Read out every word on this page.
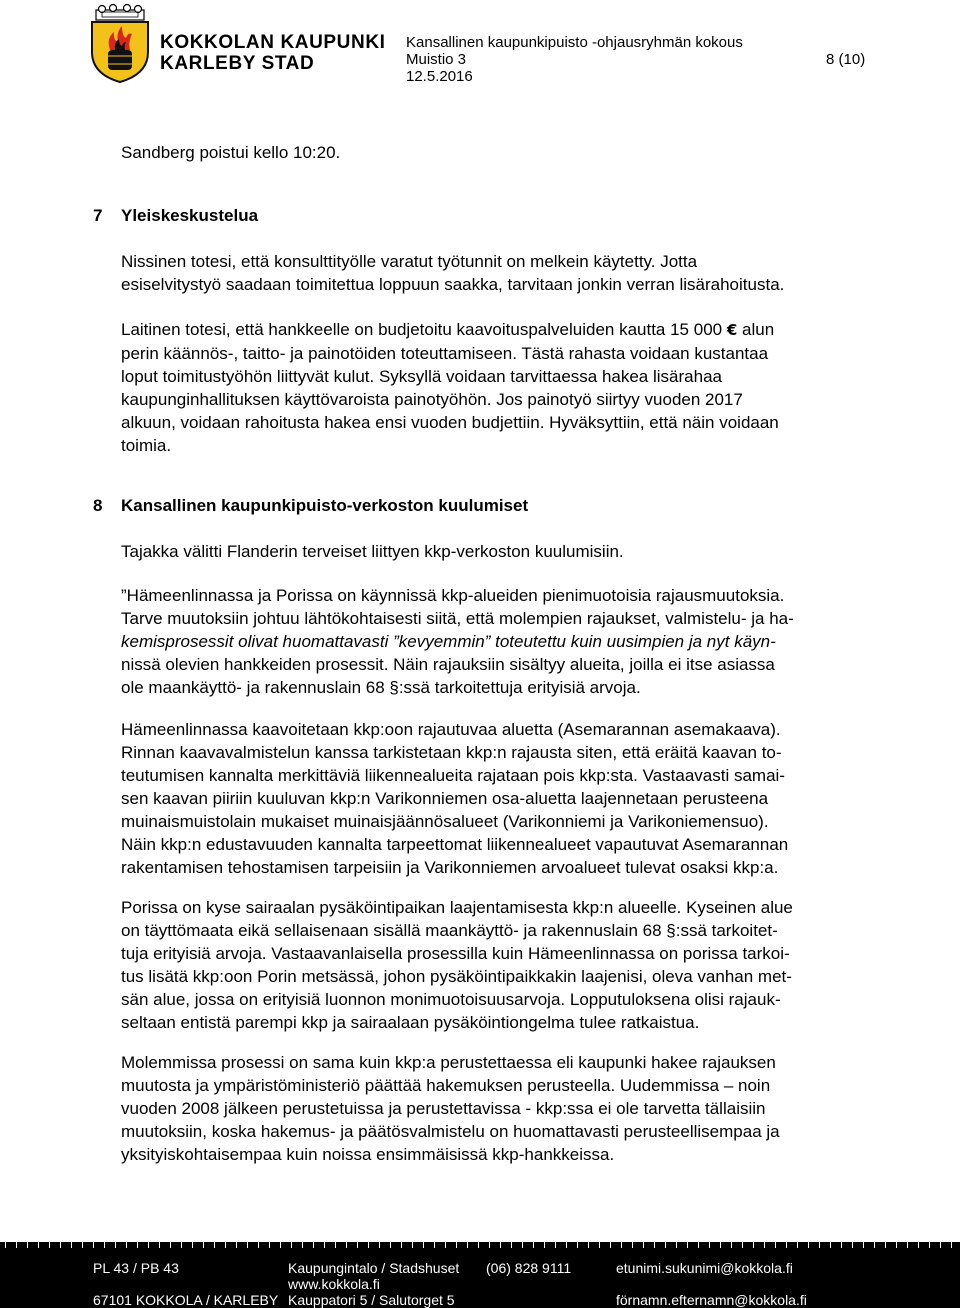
KOKKOLAN KAUPUNKI
KARLEBY STAD
Kansallinen kaupunkipuisto -ohjausryhmän kokous
Muistio 3	8 (10)
12.5.2016
Sandberg poistui kello 10:20.
7 Yleiskeskustelua
Nissinen totesi, että konsulttityölle varatut työtunnit on melkein käytetty. Jotta
esiselvitystyö saadaan toimitettua loppuun saakka, tarvitaan jonkin verran lisärahoitusta.
Laitinen totesi, että hankkeelle on budjetoitu kaavoituspalveluiden kautta 15 000 € alun
perin käännös-, taitto- ja painotöiden toteuttamiseen. Tästä rahasta voidaan kustantaa
loput toimitustyöhön liittyvät kulut. Syksyllä voidaan tarvittaessa hakea lisärahaa
kaupunginhallituksen käyttövaroista painotyöhön. Jos painotyö siirtyy vuoden 2017
alkuun, voidaan rahoitusta hakea ensi vuoden budjettiin. Hyväksyttiin, että näin voidaan
toimia.
8 Kansallinen kaupunkipuisto-verkoston kuulumiset
Tajakka välitti Flanderin terveiset liittyen kkp-verkoston kuulumisiin.
”Hämeenlinnassa ja Porissa on käynnissä kkp-alueiden pienimuotoisia rajausmuutoksia.
Tarve muutoksiin johtuu lähtökohtaisesti siitä, että molempien rajaukset, valmistelu- ja ha-
kemisprosessit olivat huomattavasti ”kevyemmin” toteutettu kuin uusimpien ja nyt käyn-
nissä olevien hankkeiden prosessit. Näin rajauksiin sisältyy alueita, joilla ei itse asiassa
ole maankäyttö- ja rakennuslain 68 §:ssä tarkoitettuja erityisiä arvoja.
Hämeenlinnassa kaavoitetaan kkp:oon rajautuvaa aluetta (Asemarannan asemakaava).
Rinnan kaavavalmistelun kanssa tarkistetaan kkp:n rajausta siten, että eräitä kaavan to-
teutumisen kannalta merkittäviä liikennealueita rajataan pois kkp:sta. Vastaavasti samai-
sen kaavan piiriin kuuluvan kkp:n Varikonniemen osa-aluetta laajennetaan perusteena
muinaismuistolain mukaiset muinaisjäännösalueet (Varikonniemi ja Varikoniemensuo).
Näin kkp:n edustavuuden kannalta tarpeettomat liikennealueet vapautuvat Asemarannan
rakentamisen tehostamisen tarpeisiin ja Varikonniemen arvoalueet tulevat osaksi kkp:a.
Porissa on kyse sairaalan pysäköintipaikan laajentamisesta kkp:n alueelle. Kyseinen alue
on täyttömaata eikä sellaisenaan sisällä maankäyttö- ja rakennuslain 68 §:ssä tarkoitet-
tuja erityisiä arvoja. Vastaavanlaisella prosessilla kuin Hämeenlinnassa on porissa tarkoi-
tus lisätä kkp:oon Porin metsässä, johon pysäköintipaikkakin laajenisi, oleva vanhan met-
sän alue, jossa on erityisiä luonnon monimuotoisuusarvoja. Lopputuloksena olisi rajauk-
seltaan entistä parempi kkp ja sairaalaan pysäköintiongelma tulee ratkaistua.
Molemmissa prosessi on sama kuin kkp:a perustettaessa eli kaupunki hakee rajauksen
muutosta ja ympäristöministeriö päättää hakemuksen perusteella. Uudemmissa – noin
vuoden 2008 jälkeen perustetuissa ja perustettavissa - kkp:ssa ei ole tarvetta tällaisiin
muutoksiin, koska hakemus- ja päätösvalmistelu on huomattavasti perusteellisempaa ja
yksityiskohtaisempaa kuin noissa ensimmäisissä kkp-hankkeissa.
PL 43 / PB 43
67101 KOKKOLA / KARLEBY
Kaupungintalo / Stadshuset
www.kokkola.fi
Kauppatori 5 / Salutorget 5
(06) 828 9111	etunimi.sukunimi@kokkola.fi
förnamn.efternamn@kokkola.fi
